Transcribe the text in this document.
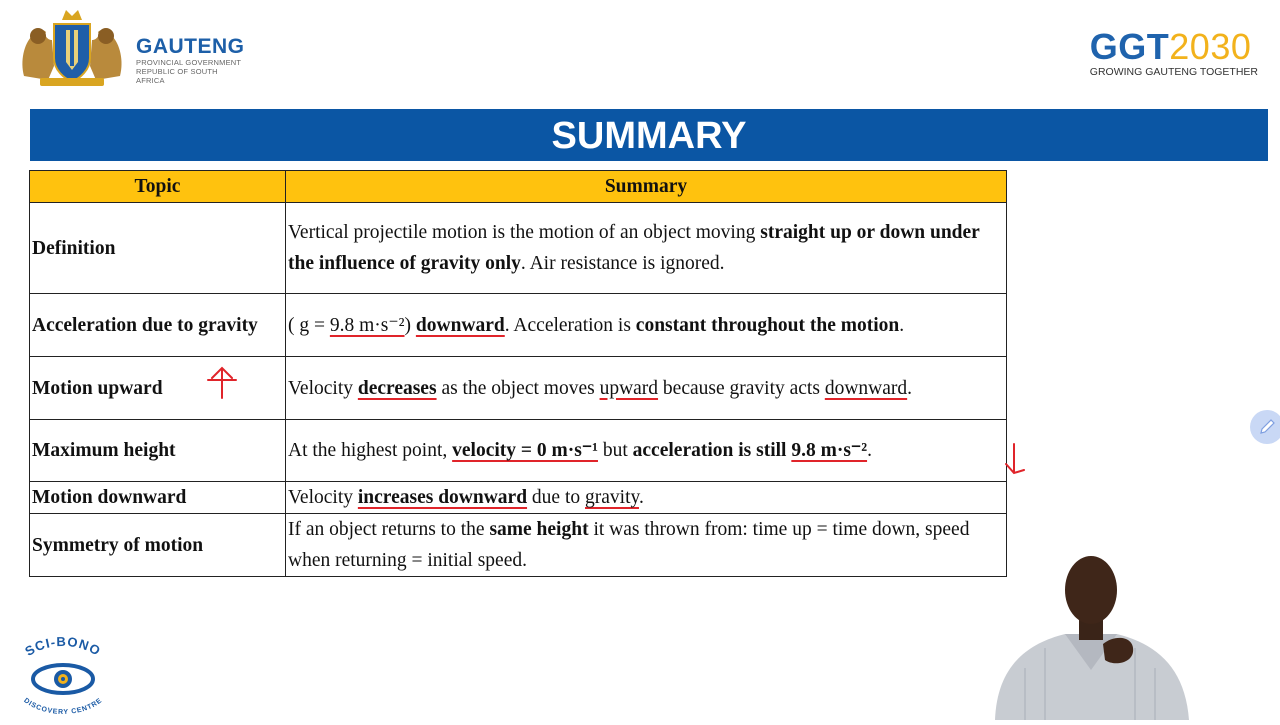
GAUTENG
PROVINCIAL GOVERNMENT
REPUBLIC OF SOUTH AFRICA
GGT2030
GROWING GAUTENG TOGETHER
SUMMARY
Topic	Summary
Definition	Vertical projectile motion is the motion of an object moving straight up or down under the influence of gravity only. Air resistance is ignored.
Acceleration due to gravity	( g = 9.8 m·s⁻²) downward. Acceleration is constant throughout the motion.
Motion upward	Velocity decreases as the object moves upward because gravity acts downward.
Maximum height	At the highest point, velocity = 0 m·s⁻¹ but acceleration is still 9.8 m·s⁻².
Motion downward	Velocity increases downward due to gravity.
Symmetry of motion	If an object returns to the same height it was thrown from: time up = time down, speed when returning = initial speed.
SCI-BONO
DISCOVERY CENTRE
